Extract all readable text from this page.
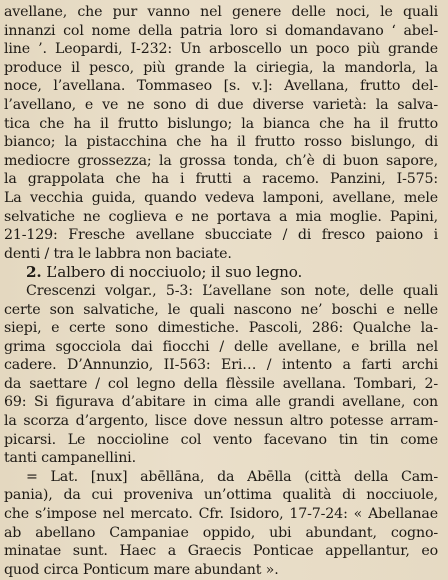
avellane, che pur vanno nel genere delle noci, le quali
innanzi col nome della patria loro si domandavano ‘ abel-
line ’. Leopardi, I-232: Un arboscello un poco più grande
produce il pesco, più grande la ciriegia, la mandorla, la
noce, l’avellana. Tommaseo [s. v.]: Avellana, frutto del-
l’avellano, e ve ne sono di due diverse varietà: la salva-
tica che ha il frutto bislungo; la bianca che ha il frutto
bianco; la pistacchina che ha il frutto rosso bislungo, di
mediocre grossezza; la grossa tonda, ch’è di buon sapore,
la grappolata che ha i frutti a racemo. Panzini, I-575:
La vecchia guida, quando vedeva lamponi, avellane, mele
selvatiche ne coglieva e ne portava a mia moglie. Papini,
21-129: Fresche avellane sbucciate / di fresco paiono i
denti / tra le labbra non baciate.
2. L’albero di nocciuolo; il suo legno.
Crescenzi volgar., 5-3: L’avellane son note, delle quali
certe son salvatiche, le quali nascono ne’ boschi e nelle
siepi, e certe sono dimestiche. Pascoli, 286: Qualche la-
grima sgocciola dai fiocchi / delle avellane, e brilla nel
cadere. D’Annunzio, II-563: Eri… / intento a farti archi
da saettare / col legno della flèssile avellana. Tombari, 2-
69: Si figurava d’abitare in cima alle grandi avellane, con
la scorza d’argento, lisce dove nessun altro potesse arram-
picarsi. Le noccioline col vento facevano tin tin come
tanti campanellini.
= Lat. [nux] abēllāna, da Abēlla (città della Cam-
pania), da cui proveniva un’ottima qualità di nocciuole,
che s’impose nel mercato. Cfr. Isidoro, 17-7-24: « Abellanae
ab abellano Campaniae oppido, ubi abundant, cogno-
minatae sunt. Haec a Graecis Ponticae appellantur, eo
quod circa Ponticum mare abundant ».
